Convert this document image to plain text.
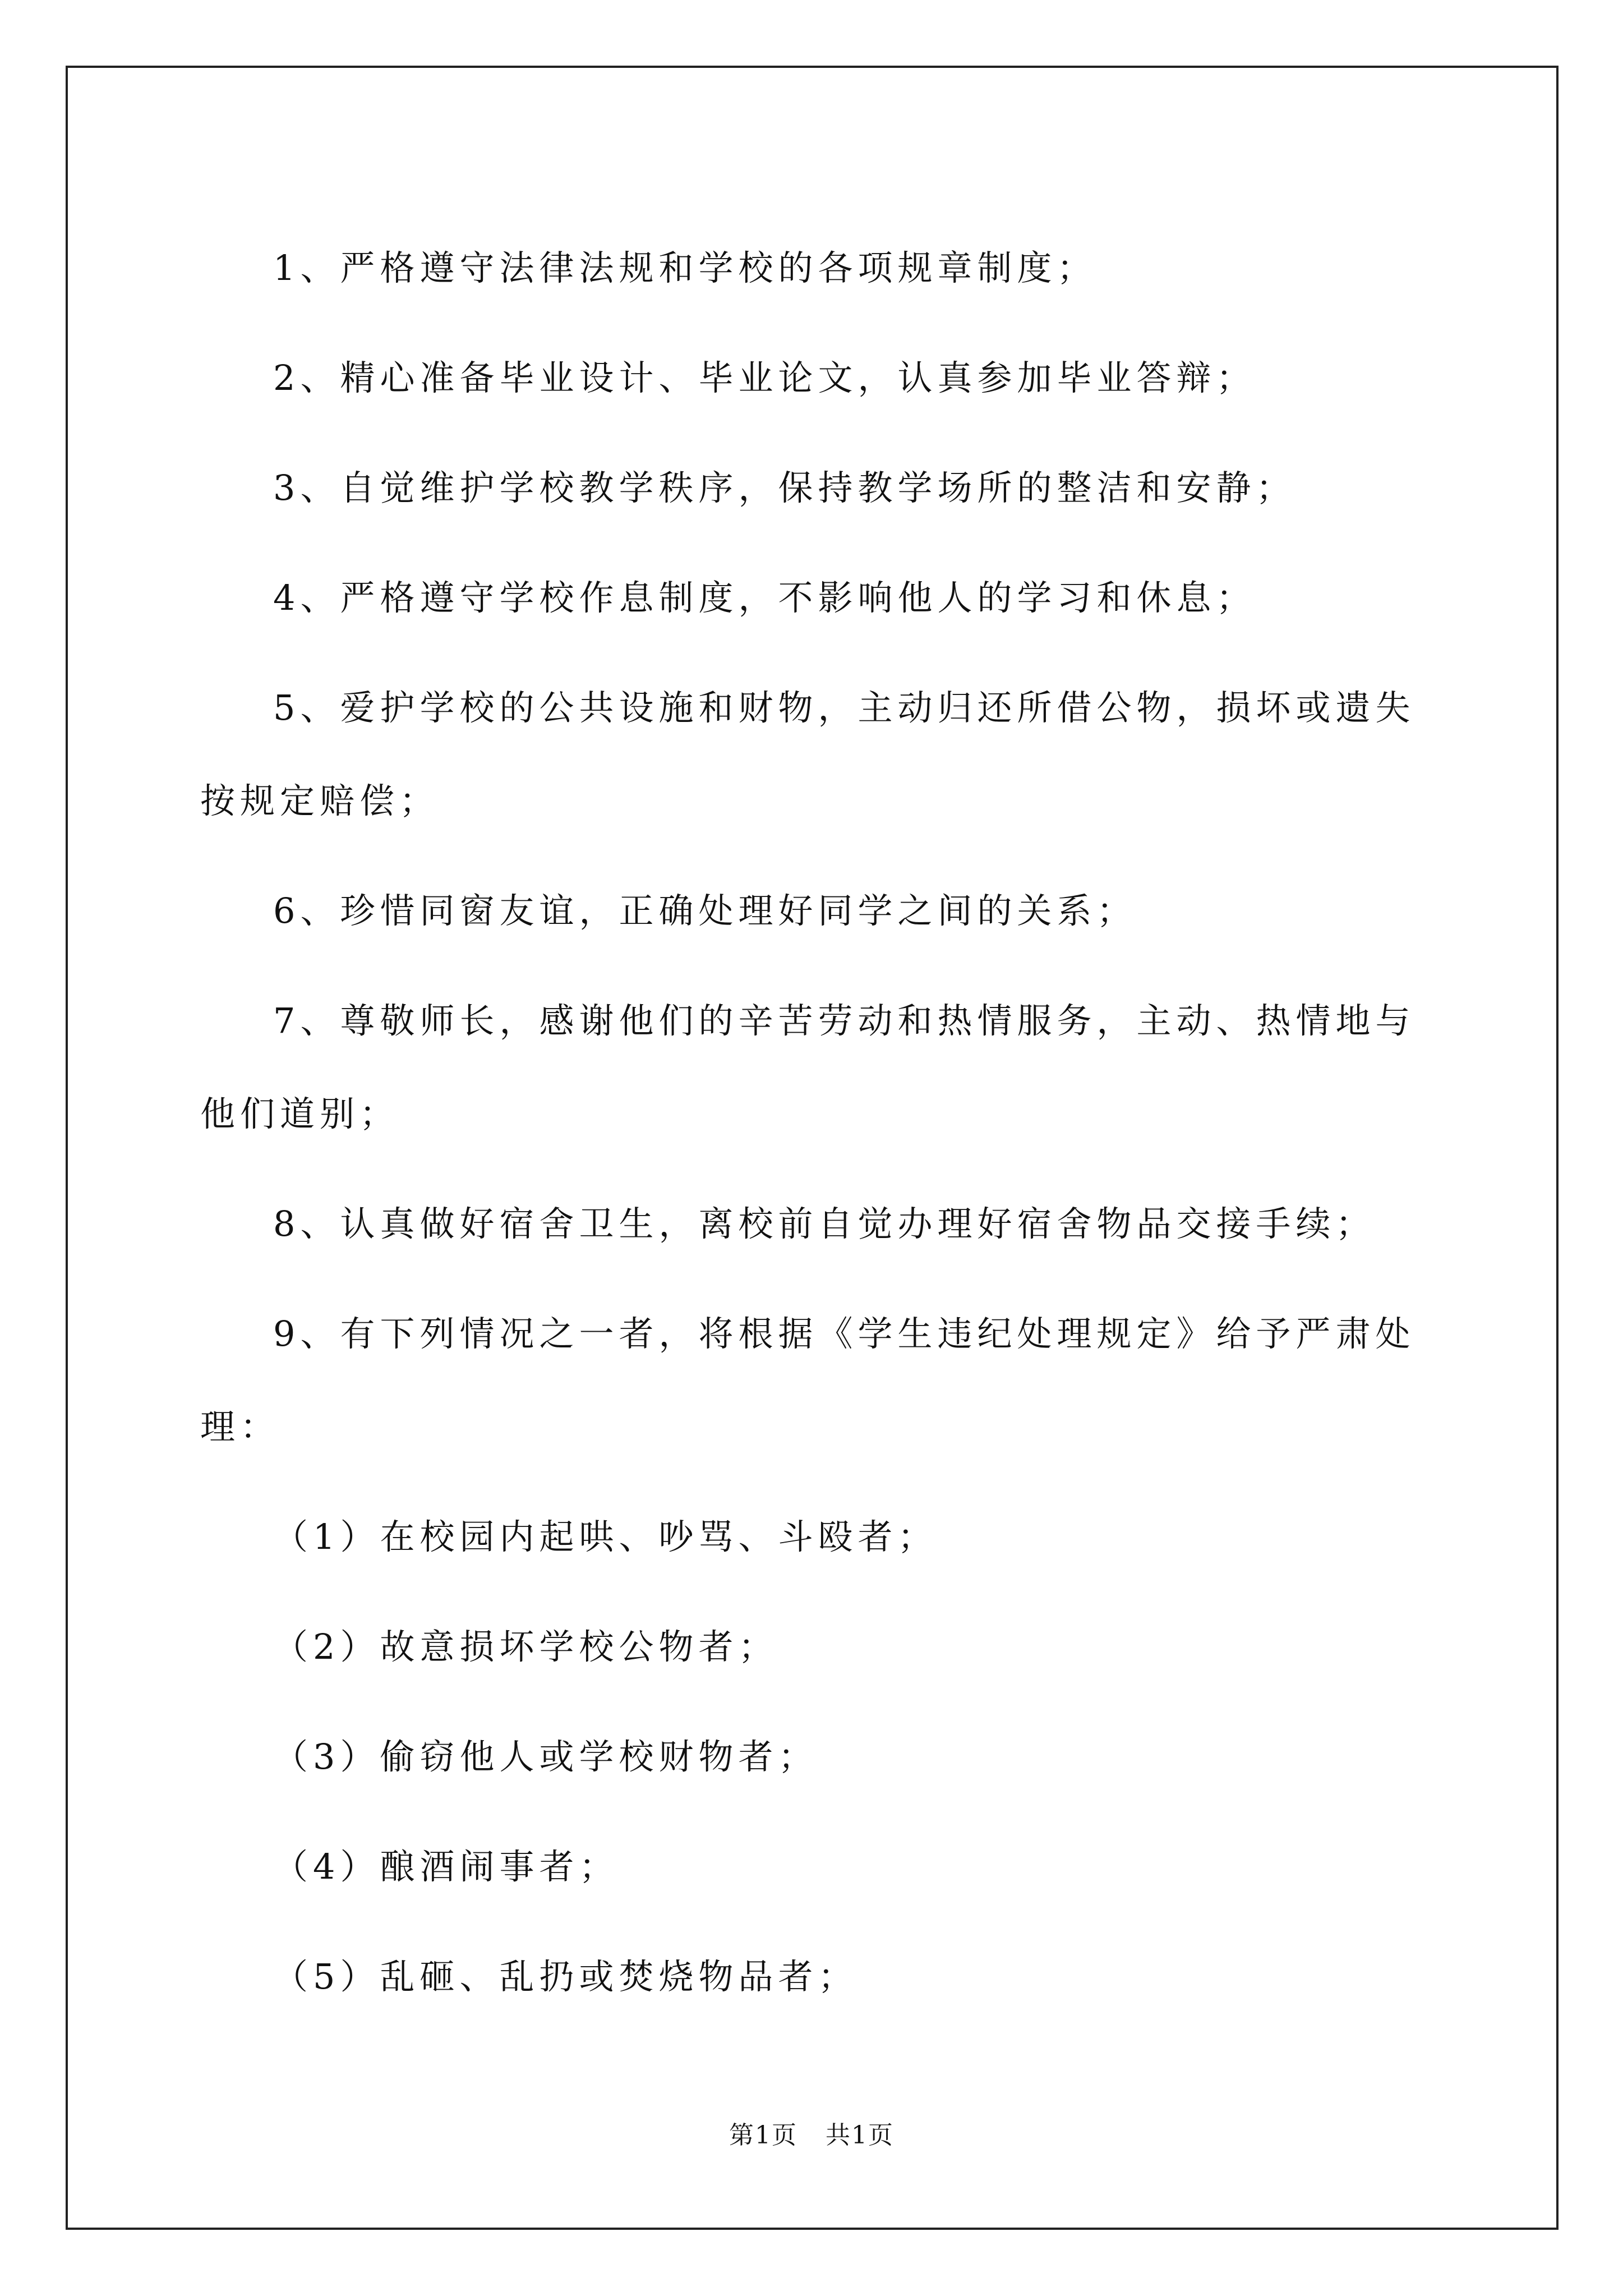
1、严格遵守法律法规和学校的各项规章制度；

2、精心准备毕业设计、毕业论文，认真参加毕业答辩；

3、自觉维护学校教学秩序，保持教学场所的整洁和安静；

4、严格遵守学校作息制度，不影响他人的学习和休息；

5、爱护学校的公共设施和财物，主动归还所借公物，损坏或遗失按规定赔偿；

6、珍惜同窗友谊，正确处理好同学之间的关系；

7、尊敬师长，感谢他们的辛苦劳动和热情服务，主动、热情地与他们道别；

8、认真做好宿舍卫生，离校前自觉办理好宿舍物品交接手续；

9、有下列情况之一者，将根据《学生违纪处理规定》给予严肃处理：

（1）在校园内起哄、吵骂、斗殴者；

（2）故意损坏学校公物者；

（3）偷窃他人或学校财物者；

（4）酿酒闹事者；

（5）乱砸、乱扔或焚烧物品者；

第1页 共1页
